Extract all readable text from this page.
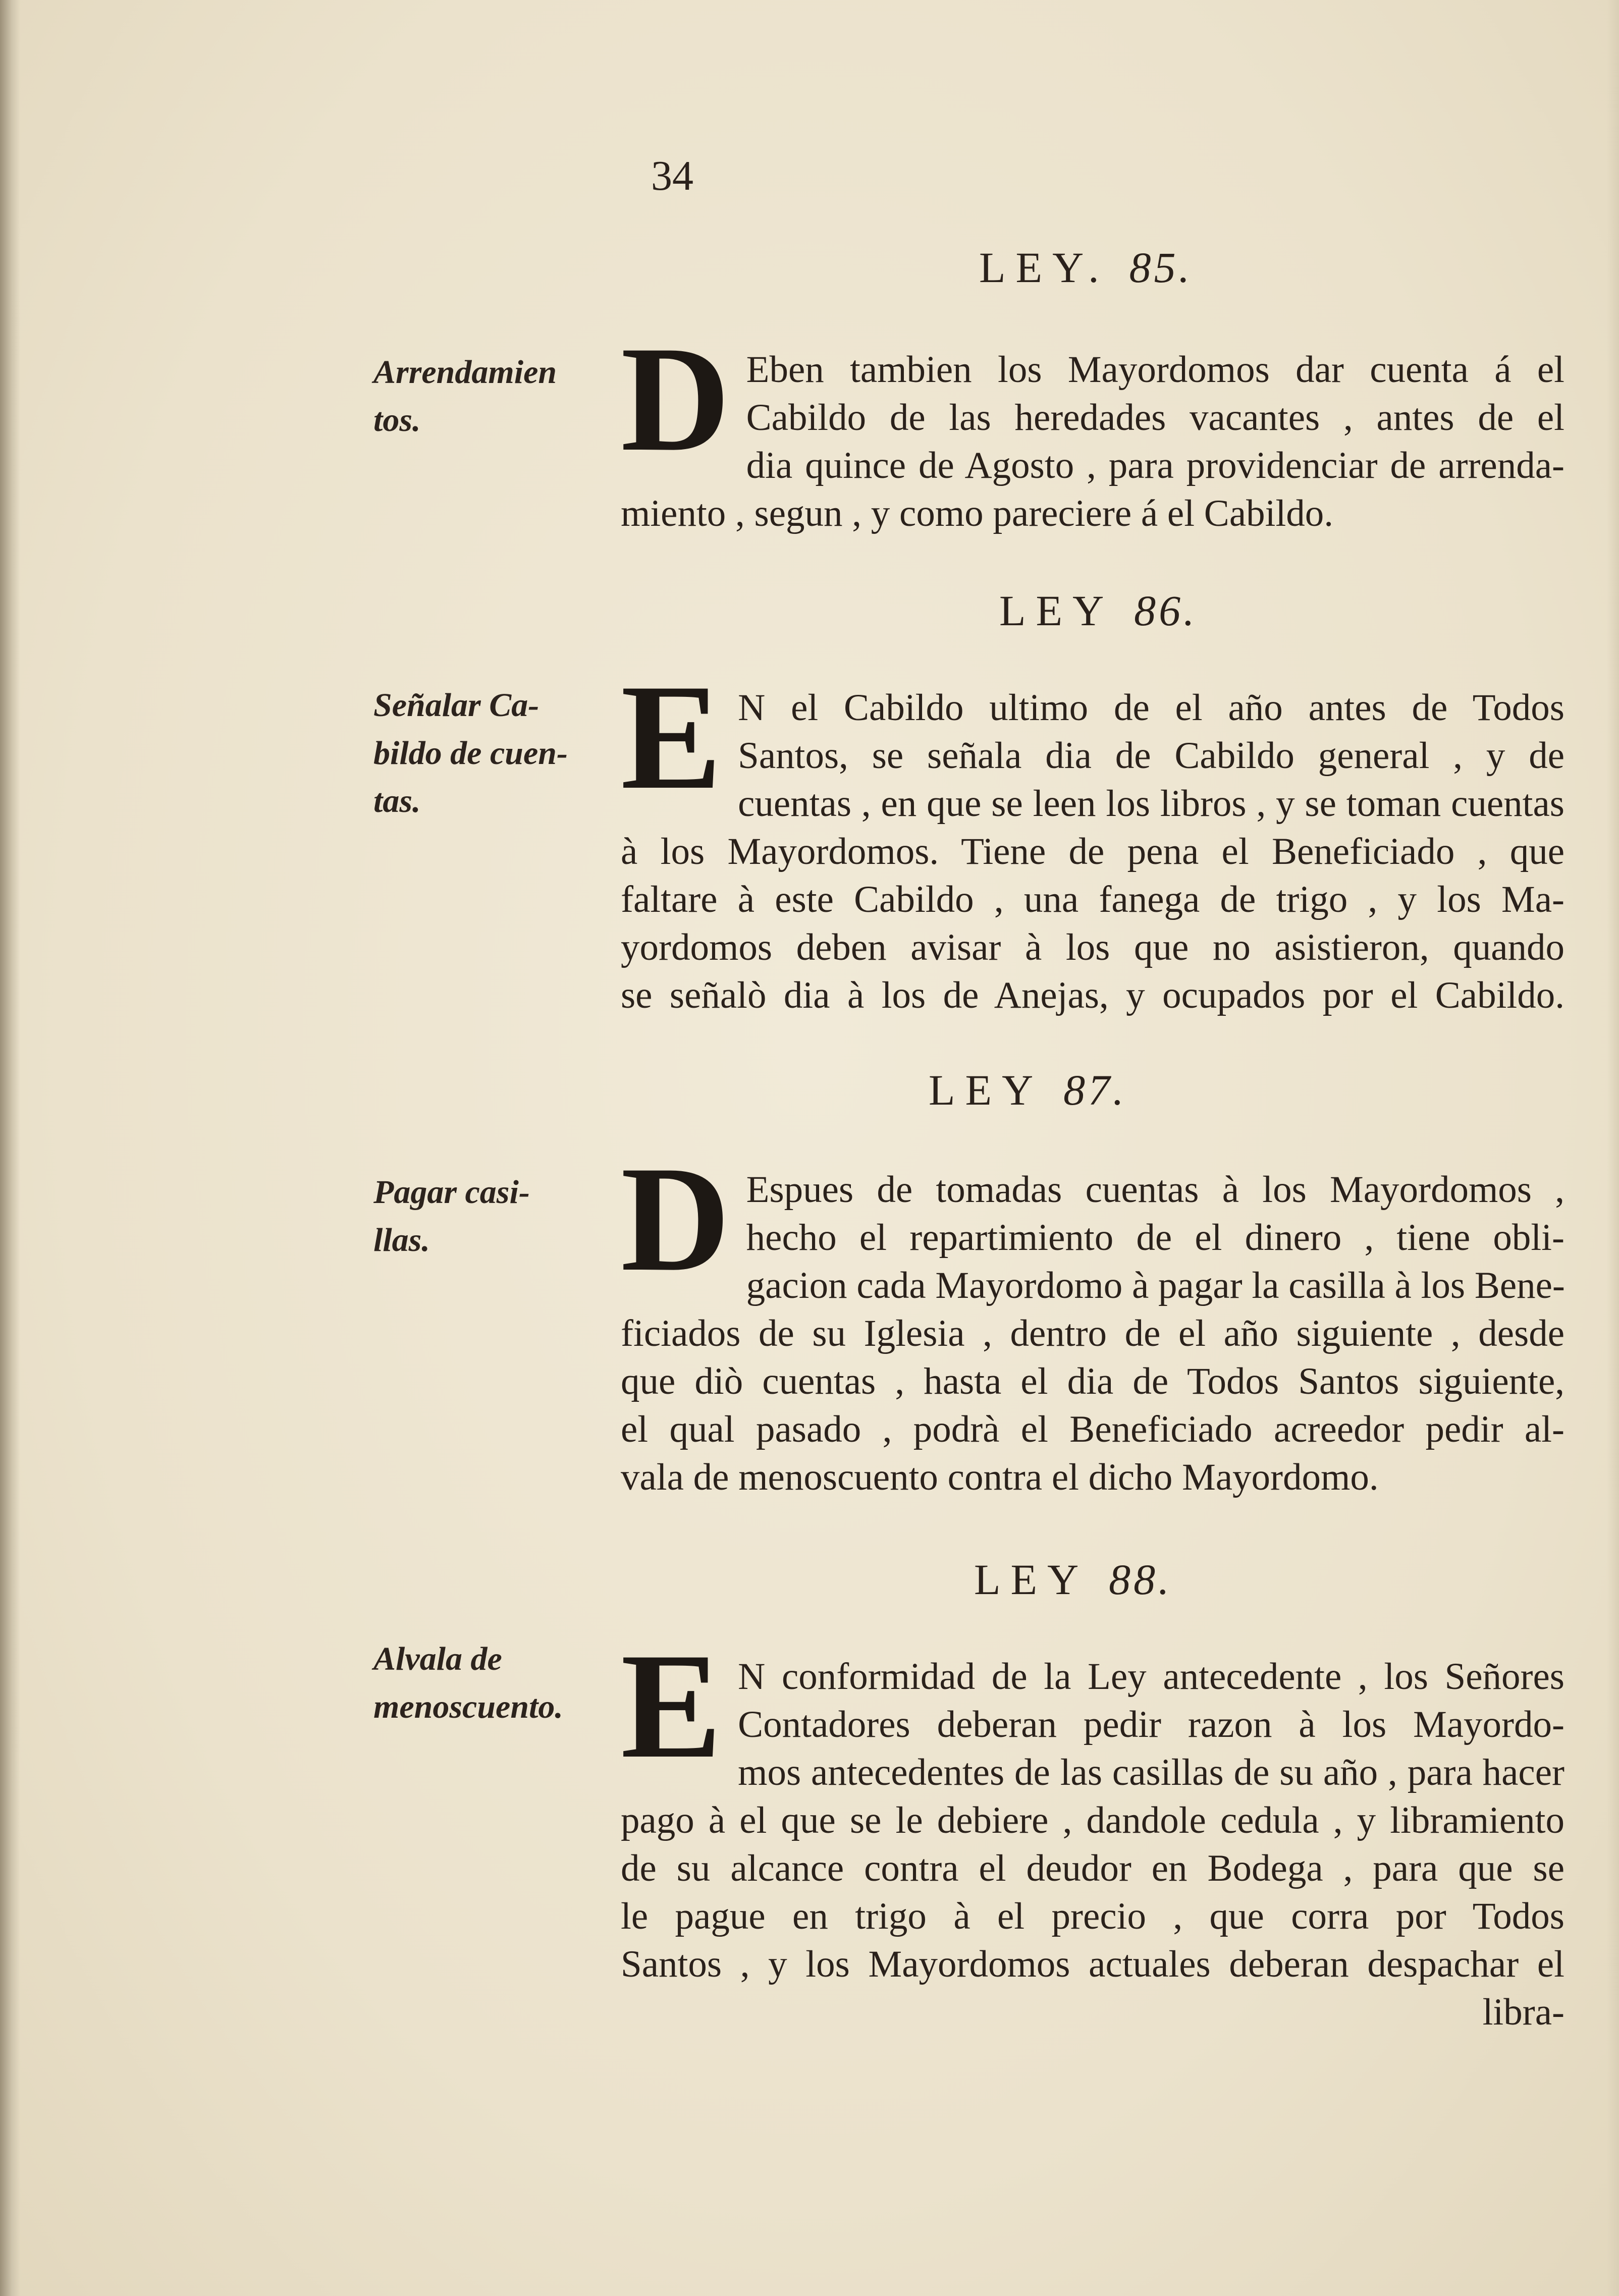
34

LEY. 85.

Arrendamien
tos.	D Eben tambien los Mayordomos dar cuenta á el
Cabildo de las heredades vacantes , antes de el
dia quince de Agosto , para providenciar de arrenda-
miento , segun , y como pareciere á el Cabildo.
LEY 86.

Señalar Ca-
bildo de cuen-
tas.	E N el Cabildo ultimo de el año antes de Todos
Santos, se señala dia de Cabildo general , y de
cuentas , en que se leen los libros , y se toman cuentas
à los Mayordomos. Tiene de pena el Beneficiado , que
faltare à este Cabildo , una fanega de trigo , y los Ma-
yordomos deben avisar à los que no asistieron, quando
se señalò dia à los de Anejas, y ocupados por el Cabildo.
LEY 87.

Pagar casi-
llas.	D Espues de tomadas cuentas à los Mayordomos ,
hecho el repartimiento de el dinero , tiene obli-
gacion cada Mayordomo à pagar la casilla à los Bene-
ficiados de su Iglesia , dentro de el año siguiente , desde
que diò cuentas , hasta el dia de Todos Santos siguiente,
el qual pasado , podrà el Beneficiado acreedor pedir al-
vala de menoscuento contra el dicho Mayordomo.
LEY 88.

Alvala de
menoscuento. E N conformidad de la Ley antecedente , los Señores
Contadores deberan pedir razon à los Mayordo-
mos antecedentes de las casillas de su año , para hacer
pago à el que se le debiere , dandole cedula , y libramiento
de su alcance contra el deudor en Bodega , para que se
le pague en trigo à el precio , que corra por Todos
Santos , y los Mayordomos actuales deberan despachar el
libra-
